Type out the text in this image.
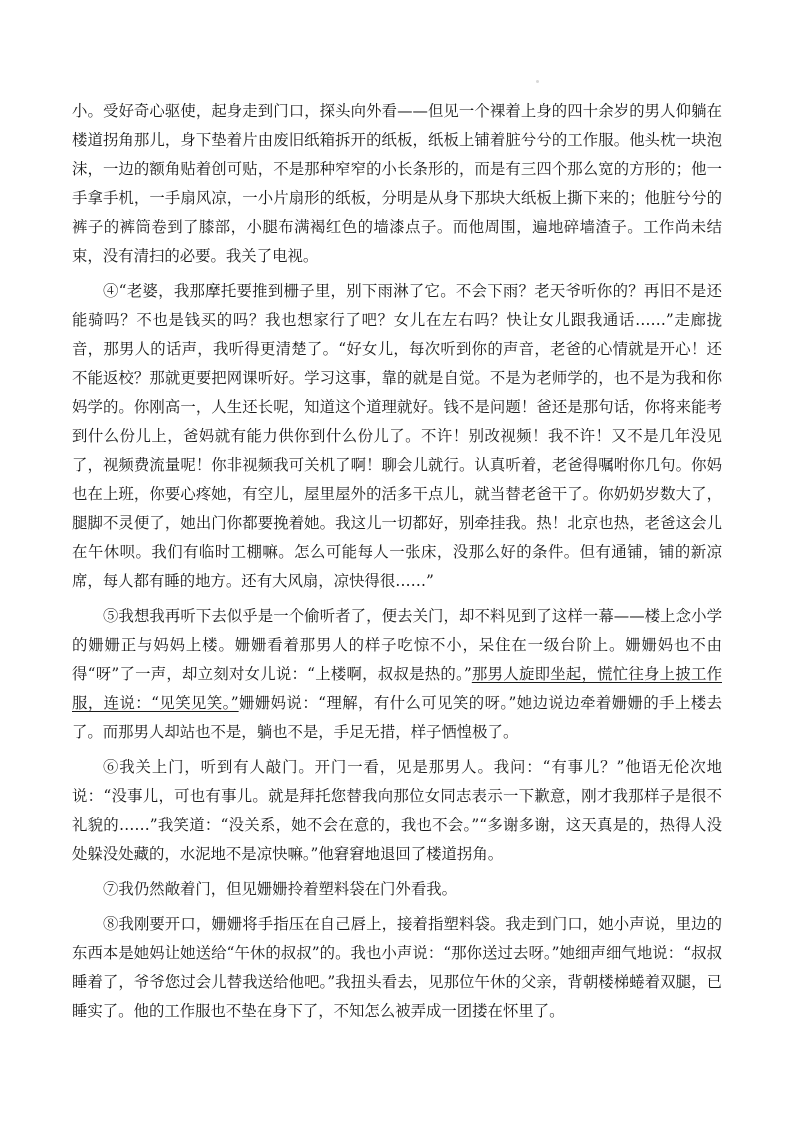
小。受好奇心驱使，起身走到门口，探头向外看——但见一个裸着上身的四十余岁的男人仰躺在楼道拐角那儿，身下垫着片由废旧纸箱拆开的纸板，纸板上铺着脏兮兮的工作服。他头枕一块泡沫，一边的额角贴着创可贴，不是那种窄窄的小长条形的，而是有三四个那么宽的方形的；他一手拿手机，一手扇风凉，一小片扇形的纸板，分明是从身下那块大纸板上撕下来的；他脏兮兮的裤子的裤筒卷到了膝部，小腿布满褐红色的墙漆点子。而他周围，遍地碎墙渣子。工作尚未结束，没有清扫的必要。我关了电视。

④“老婆，我那摩托要推到栅子里，别下雨淋了它。不会下雨？老天爷听你的？再旧不是还能骑吗？不也是钱买的吗？我也想家行了吧？女儿在左右吗？快让女儿跟我通话……”走廊拢音，那男人的话声，我听得更清楚了。“好女儿，每次听到你的声音，老爸的心情就是开心！还不能返校？那就更要把网课听好。学习这事，靠的就是自觉。不是为老师学的，也不是为我和你妈学的。你刚高一，人生还长呢，知道这个道理就好。钱不是问题！爸还是那句话，你将来能考到什么份儿上，爸妈就有能力供你到什么份儿了。不许！别改视频！我不许！又不是几年没见了，视频费流量呢！你非视频我可关机了啊！聊会儿就行。认真听着，老爸得嘱咐你几句。你妈也在上班，你要心疼她，有空儿，屋里屋外的活多干点儿，就当替老爸干了。你奶奶岁数大了，腿脚不灵便了，她出门你都要挽着她。我这儿一切都好，别牵挂我。热！北京也热，老爸这会儿在午休呗。我们有临时工棚嘛。怎么可能每人一张床，没那么好的条件。但有通铺，铺的新凉席，每人都有睡的地方。还有大风扇，凉快得很……”

⑤我想我再听下去似乎是一个偷听者了，便去关门，却不料见到了这样一幕——楼上念小学的姗姗正与妈妈上楼。姗姗看着那男人的样子吃惊不小，呆住在一级台阶上。姗姗妈也不由得“呀”了一声，却立刻对女儿说：“上楼啊，叔叔是热的。”那男人旋即坐起，慌忙往身上披工作服，连说：“见笑见笑。”姗姗妈说：“理解，有什么可见笑的呀。”她边说边牵着姗姗的手上楼去了。而那男人却站也不是，躺也不是，手足无措，样子恓惶极了。

⑥我关上门，听到有人敲门。开门一看，见是那男人。我问：“有事儿？”他语无伦次地说：“没事儿，可也有事儿。就是拜托您替我向那位女同志表示一下歉意，刚才我那样子是很不礼貌的……”我笑道：“没关系，她不会在意的，我也不会。”“多谢多谢，这天真是的，热得人没处躲没处藏的，水泥地不是凉快嘛。”他窘窘地退回了楼道拐角。

⑦我仍然敞着门，但见姗姗拎着塑料袋在门外看我。

⑧我刚要开口，姗姗将手指压在自己唇上，接着指塑料袋。我走到门口，她小声说，里边的东西本是她妈让她送给“午休的叔叔”的。我也小声说：“那你送过去呀。”她细声细气地说：“叔叔睡着了，爷爷您过会儿替我送给他吧。”我扭头看去，见那位午休的父亲，背朝楼梯蜷着双腿，已睡实了。他的工作服也不垫在身下了，不知怎么被弄成一团搂在怀里了。
